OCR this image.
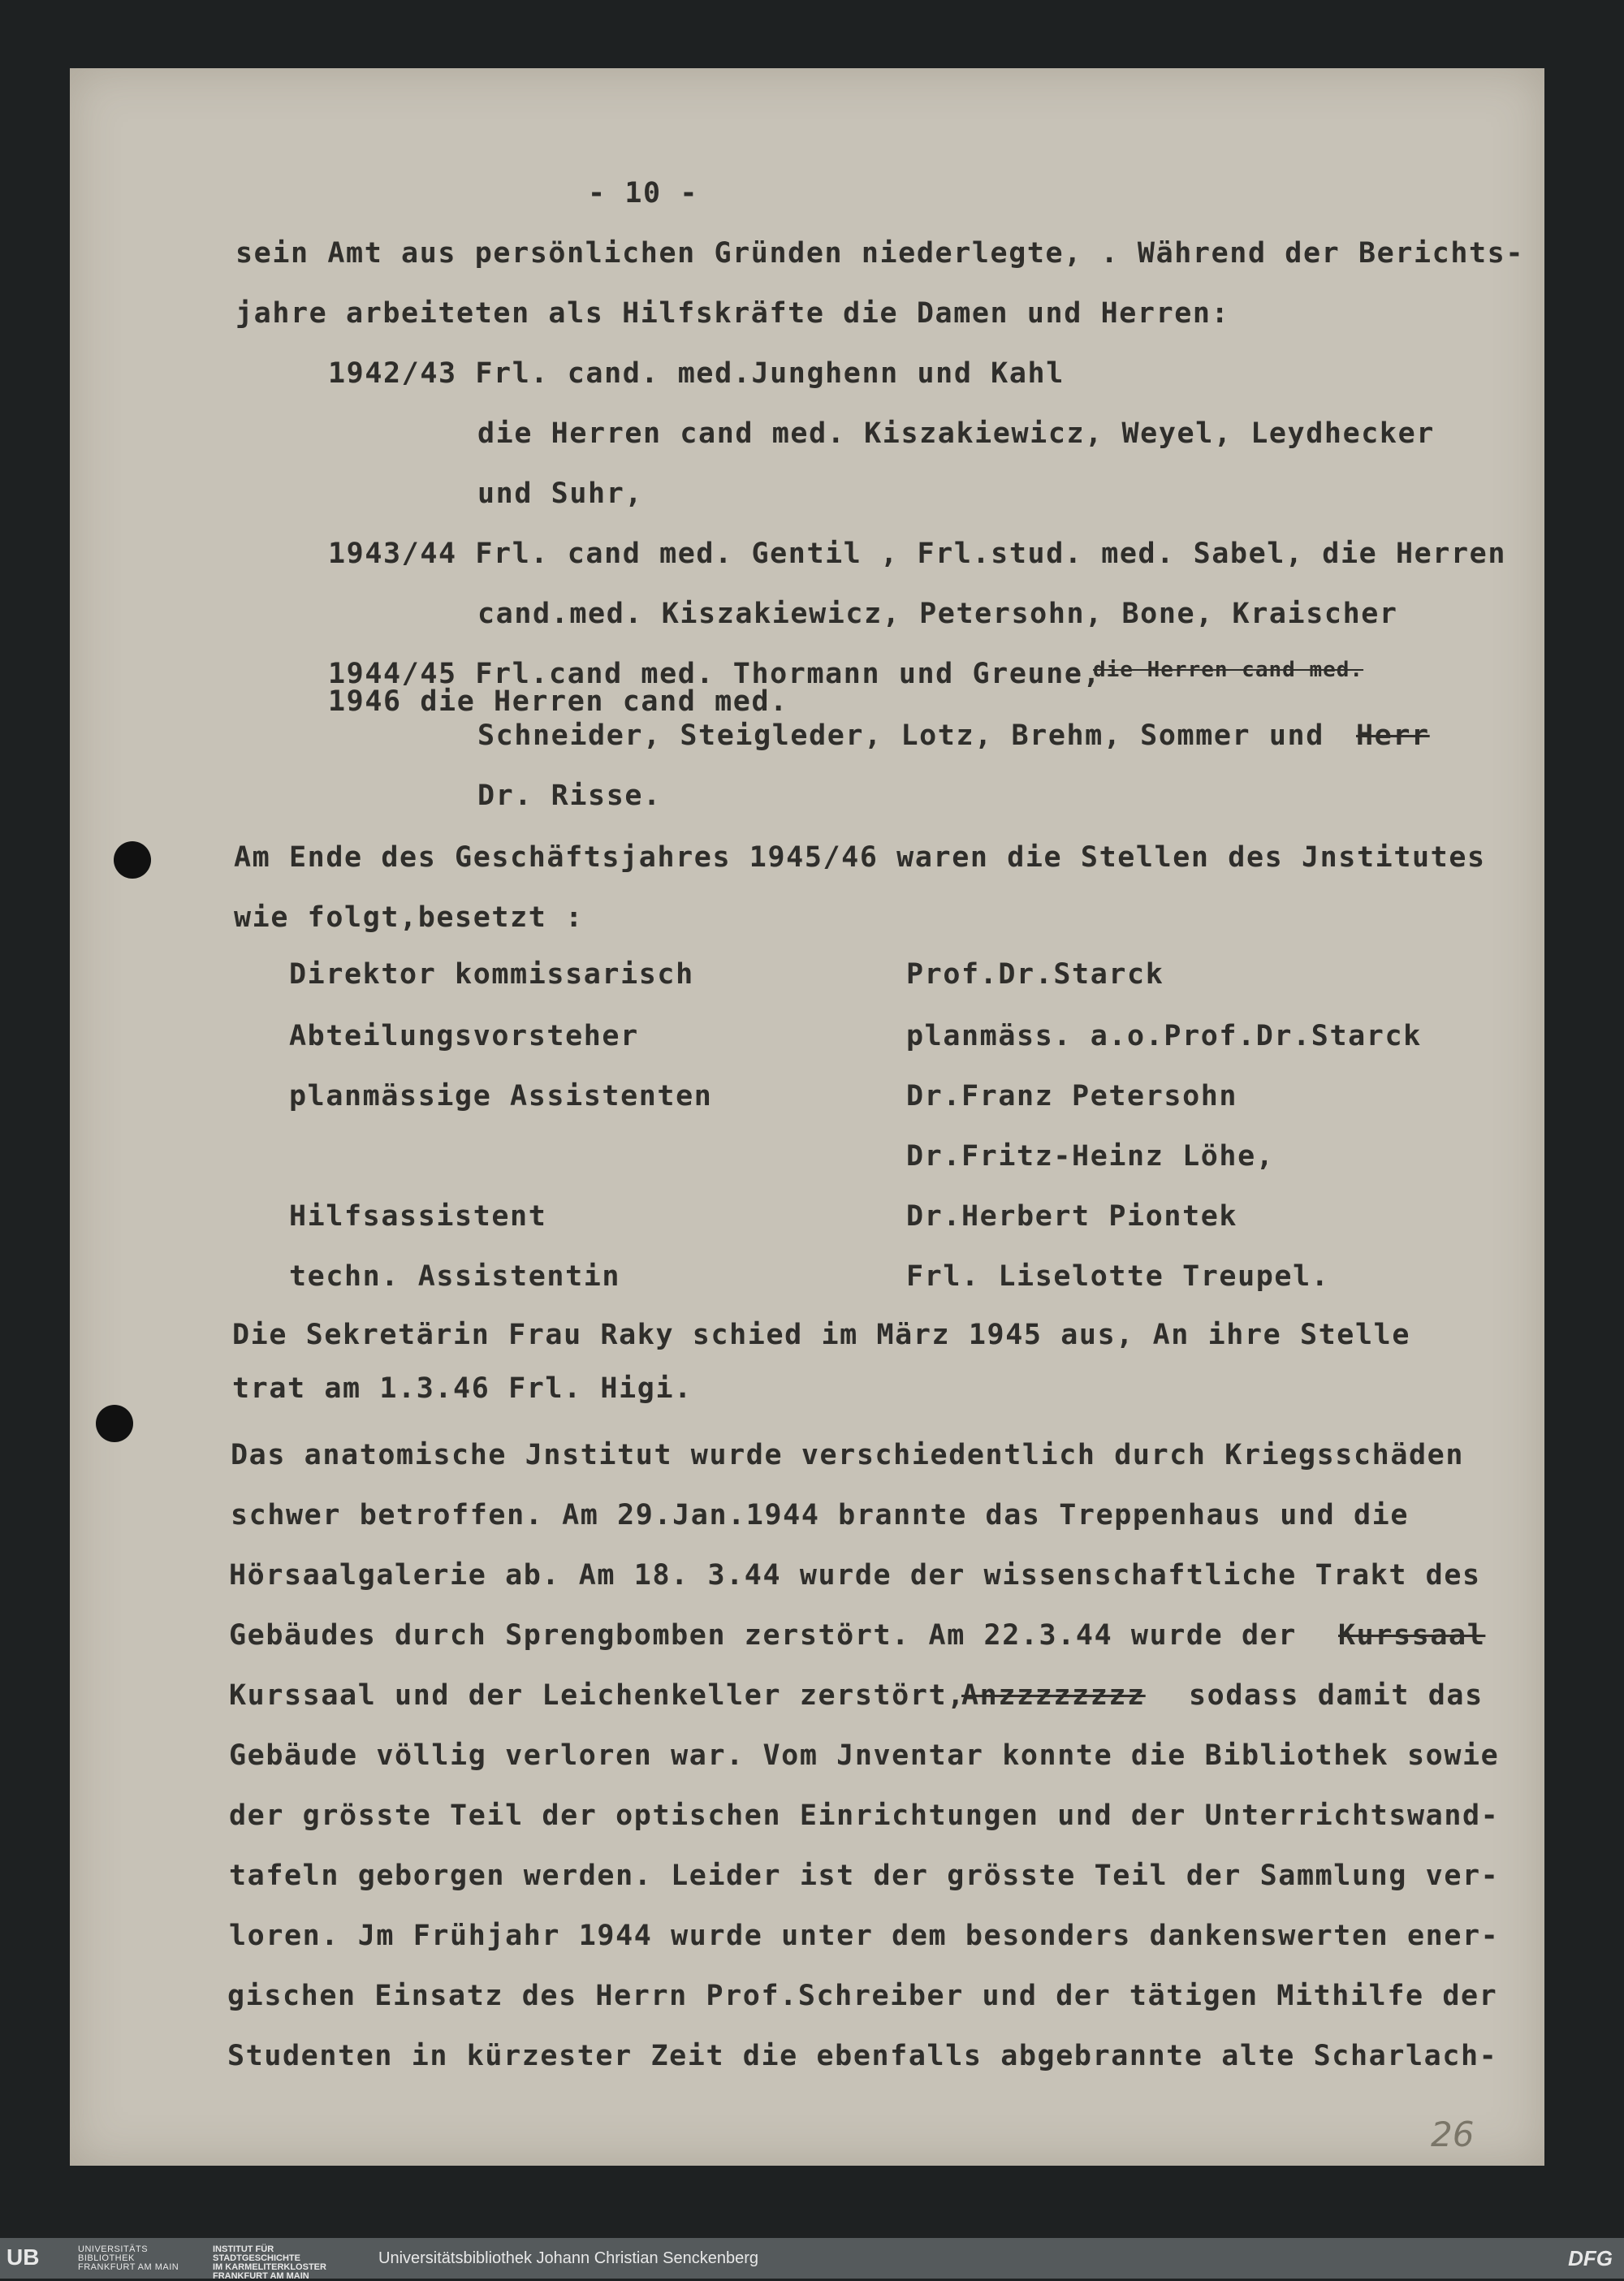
- 10 -
sein Amt aus persönlichen Gründen niederlegte, . Während der Berichts-
jahre arbeiteten als Hilfskräfte die Damen und Herren:
1942/43 Frl. cand. med.Junghenn und Kahl
die Herren cand med. Kiszakiewicz, Weyel, Leydhecker
und Suhr,
1943/44 Frl. cand med. Gentil , Frl.stud. med. Sabel, die Herren
cand.med. Kiszakiewicz, Petersohn, Bone, Kraischer
1944/45 Frl.cand med. Thormann und Greune,
die Herren cand med.
1946 die Herren cand med.
Schneider, Steigleder, Lotz, Brehm, Sommer und Herr
Dr. Risse.
Am Ende des Geschäftsjahres 1945/46 waren die Stellen des Jnstitutes
wie folgt,besetzt :
Direktor kommissarisch	Prof.Dr.Starck
Abteilungsvorsteher	planmäss. a.o.Prof.Dr.Starck
planmässige Assistenten	Dr.Franz Petersohn
Dr.Fritz-Heinz Löhe,
Hilfsassistent	Dr.Herbert Piontek
techn. Assistentin	Frl. Liselotte Treupel.
Die Sekretärin Frau Raky schied im März 1945 aus, An ihre Stelle
trat am 1.3.46 Frl. Higi.
Das anatomische Jnstitut wurde verschiedentlich durch Kriegsschäden
schwer betroffen. Am 29.Jan.1944 brannte das Treppenhaus und die
Hörsaalgalerie ab. Am 18. 3.44 wurde der wissenschaftliche Trakt des
Gebäudes durch Sprengbomben zerstört. Am 22.3.44 wurde der Kurssaal
Kurssaal und der Leichenkeller zerstört,
Anzzzzzzzz sodass damit das
Gebäude völlig verloren war. Vom Jnventar konnte die Bibliothek sowie
der grösste Teil der optischen Einrichtungen und der Unterrichtswand-
tafeln geborgen werden. Leider ist der grösste Teil der Sammlung ver-
loren. Jm Frühjahr 1944 wurde unter dem besonders dankenswerten ener-
gischen Einsatz des Herrn Prof.Schreiber und der tätigen Mithilfe der
Studenten in kürzester Zeit die ebenfalls abgebrannte alte Scharlach-
26
UB	UNIVERSITÄTS
BIBLIOTHEK
FRANKFURT AM MAIN
INSTITUT FÜR
STADTGESCHICHTE
IM KARMELITERKLOSTER
FRANKFURT AM MAIN
Universitätsbibliothek Johann Christian Senckenberg	DFG
